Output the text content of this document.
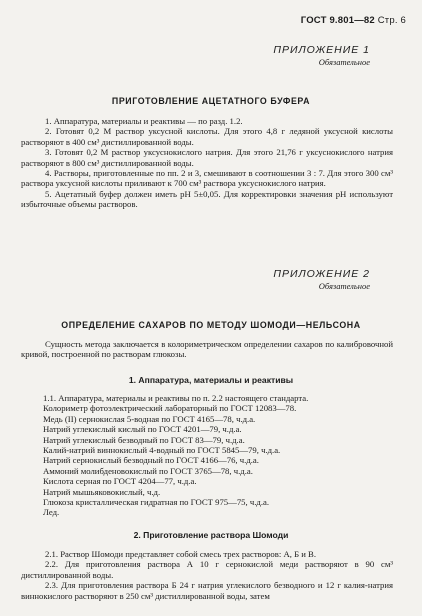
ГОСТ 9.801—82 Стр. 6
ПРИЛОЖЕНИЕ 1
Обязательное
ПРИГОТОВЛЕНИЕ АЦЕТАТНОГО БУФЕРА

1. Аппаратура, материалы и реактивы — по разд. 1.2.

2. Готовят 0,2 М раствор уксусной кислоты. Для этого 4,8 г ледяной уксусной кислоты растворяют в 400 см³ дистиллированной воды.

3. Готовят 0,2 М раствор уксуснокислого натрия. Для этого 21,76 г уксуснокислого натрия растворяют в 800 см³ дистиллированной воды.

4. Растворы, приготовленные по пп. 2 и 3, смешивают в соотношении 3 : 7. Для этого 300 см³ раствора уксусной кислоты приливают к 700 см³ раствора уксуснокислого натрия.

5. Ацетатный буфер должен иметь pH 5±0,05. Для корректировки значения pH используют избыточные объемы растворов.

ПРИЛОЖЕНИЕ 2
Обязательное
ОПРЕДЕЛЕНИЕ САХАРОВ ПО МЕТОДУ ШОМОДИ—НЕЛЬСОНА

Сущность метода заключается в колориметрическом определении сахаров по калибровочной кривой, построенной по растворам глюкозы.

1. Аппаратура, материалы и реактивы

1.1. Аппаратура, материалы и реактивы по п. 2.2 настоящего стандарта.

Колориметр фотоэлектрический лабораторный по ГОСТ 12083—78.

Медь (II) сернокислая 5-водная по ГОСТ 4165—78, ч.д.а.

Натрий углекислый кислый по ГОСТ 4201—79, ч.д.а.

Натрий углекислый безводный по ГОСТ 83—79, ч.д.а.

Калий-натрий виннокислый 4-водный по ГОСТ 5845—79, ч.д.а.

Натрий сернокислый безводный по ГОСТ 4166—76, ч.д.а.

Аммоний молибденовокислый по ГОСТ 3765—78, ч.д.а.

Кислота серная по ГОСТ 4204—77, ч.д.а.

Натрий мышьяковокислый, ч.д.

Глюкоза кристаллическая гидратная по ГОСТ 975—75, ч.д.а.

Лед.

2. Приготовление раствора Шомоди

2.1. Раствор Шомоди представляет собой смесь трех растворов: А, Б и В.

2.2. Для приготовления раствора А 10 г сернокислой меди растворяют в 90 см³ дистиллированной воды.

2.3. Для приготовления раствора Б 24 г натрия углекислого безводного и 12 г калия-натрия виннокислого растворяют в 250 см³ дистиллированной воды, затем
